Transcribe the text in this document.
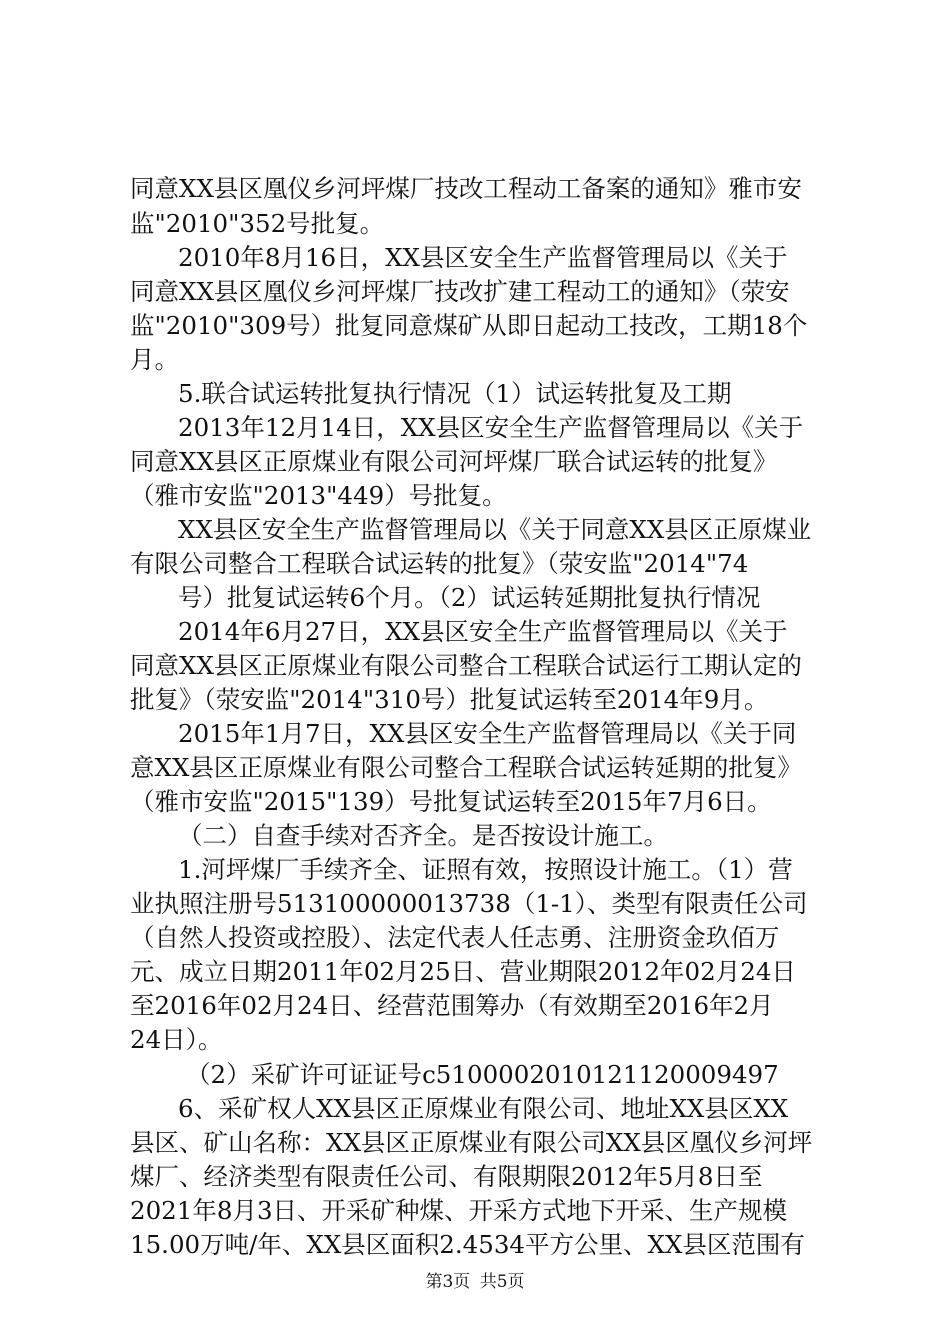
同意XX县区凰仪乡河坪煤厂技改工程动工备案的通知》雅市安
监"2010"352号批复。
2010年8月16日，XX县区安全生产监督管理局以《关于
同意XX县区凰仪乡河坪煤厂技改扩建工程动工的通知》（荥安
监"2010"309号）批复同意煤矿从即日起动工技改，工期18个
月。
5.联合试运转批复执行情况（1）试运转批复及工期
2013年12月14日，XX县区安全生产监督管理局以《关于
同意XX县区正原煤业有限公司河坪煤厂联合试运转的批复》
（雅市安监"2013"449）号批复。
XX县区安全生产监督管理局以《关于同意XX县区正原煤业
有限公司整合工程联合试运转的批复》（荥安监"2014"74
号）批复试运转6个月。（2）试运转延期批复执行情况
2014年6月27日，XX县区安全生产监督管理局以《关于
同意XX县区正原煤业有限公司整合工程联合试运行工期认定的
批复》（荥安监"2014"310号）批复试运转至2014年9月。
2015年1月7日，XX县区安全生产监督管理局以《关于同
意XX县区正原煤业有限公司整合工程联合试运转延期的批复》
（雅市安监"2015"139）号批复试运转至2015年7月6日。
（二）自查手续对否齐全。是否按设计施工。
1.河坪煤厂手续齐全、证照有效，按照设计施工。（1）营
业执照注册号513100000013738（1-1）、类型有限责任公司
（自然人投资或控股）、法定代表人任志勇、注册资金玖佰万
元、成立日期2011年02月25日、营业期限2012年02月24日
至2016年02月24日、经营范围筹办（有效期至2016年2月
24日）。
（2）采矿许可证证号c5100002010121120009497
6、采矿权人XX县区正原煤业有限公司、地址XX县区XX
县区、矿山名称：XX县区正原煤业有限公司XX县区凰仪乡河坪
煤厂、经济类型有限责任公司、有限期限2012年5月8日至
2021年8月3日、开采矿种煤、开采方式地下开采、生产规模
15.00万吨/年、XX县区面积2.4534平方公里、XX县区范围有
第3页 共5页
